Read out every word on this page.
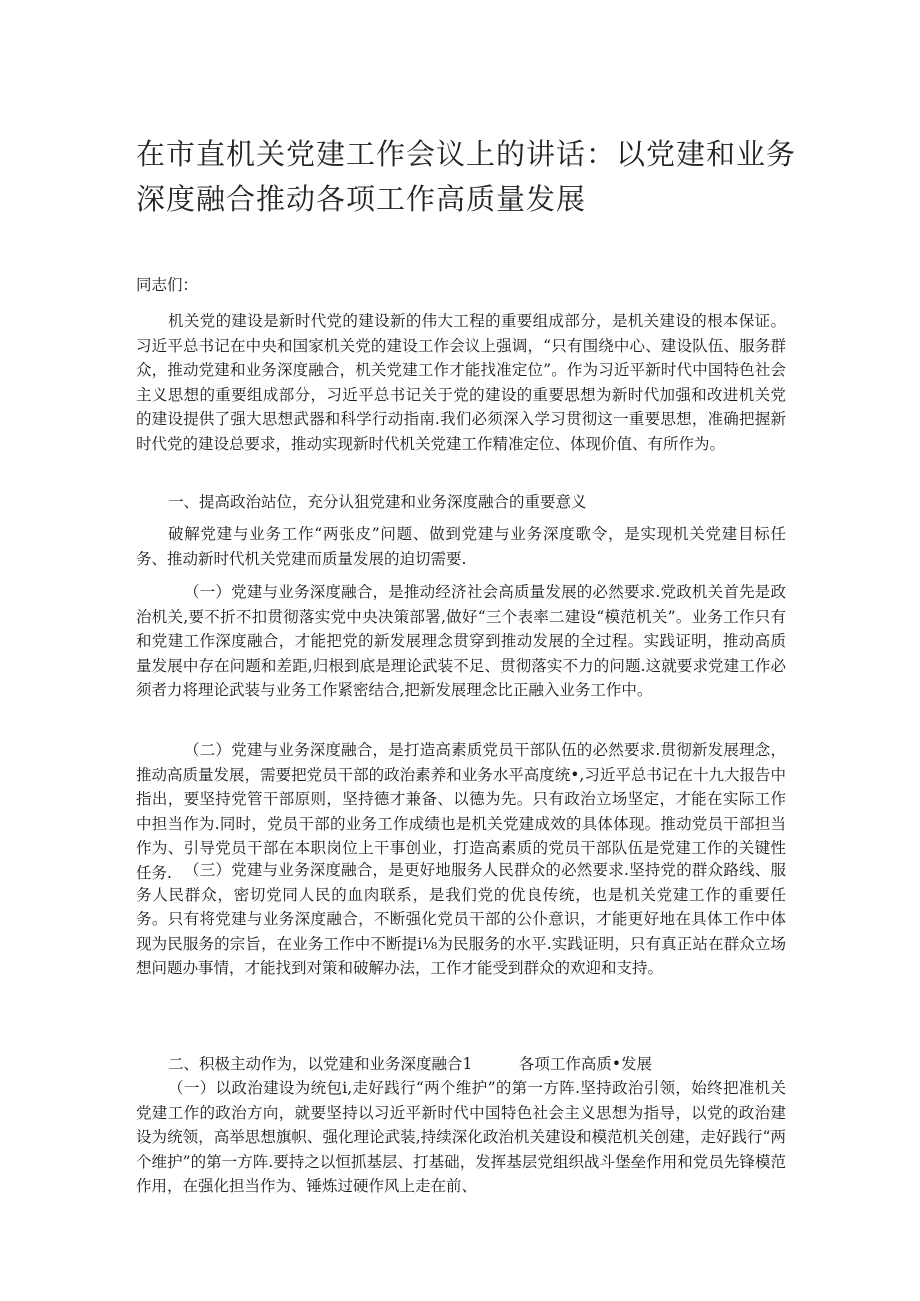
在市直机关党建工作会议上的讲话：以党建和业务深度融合推动各项工作高质量发展

同志们：

机关党的建设是新时代党的建设新的伟大工程的重要组成部分，是机关建设的根本保证。习近平总书记在中央和国家机关党的建设工作会议上强调，“只有围绕中心、建设队伍、服务群众，推动党建和业务深度融合，机关党建工作才能找准定位”。作为习近平新时代中国特色社会主义思想的重要组成部分，习近平总书记关于党的建设的重要思想为新时代加强和改进机关党的建设提供了强大思想武器和科学行动指南.我们必须深入学习贯彻这一重要思想，准确把握新时代党的建设总要求，推动实现新时代机关党建工作精准定位、体现价值、有所作为。

一、提高政治站位，充分认狙党建和业务深度融合的重要意义

破解党建与业务工作“两张皮”问题、做到党建与业务深度歌令，是实现机关党建目标任务、推动新时代机关党建而质量发展的迫切需要.

（一）党建与业务深度融合，是推动经济社会高质量发展的必然要求.党政机关首先是政治机关,要不折不扣贯彻落实党中央决策部署,做好“三个表率二建设“模范机关”。业务工作只有和党建工作深度融合，才能把党的新发展理念贯穿到推动发展的全过程。实践证明，推动高质量发展中存在问题和差距,归根到底是理论武装不足、贯彻落实不力的问题.这就要求党建工作必须者力将理论武装与业务工作紧密结合,把新发展理念比正融入业务工作中。

（二）党建与业务深度融合，是打造高素质党员干部队伍的必然要求.贯彻新发展理念，推动高质量发展，需要把党员干部的政治素养和业务水平高度统•,习近平总书记在十九大报告中指出，要坚持党管干部原则，坚持德才兼备、以德为先。只有政治立场坚定，才能在实际工作中担当作为.同时，党员干部的业务工作成绩也是机关党建成效的具体体现。推动党员干部担当作为、引导党员干部在本职岗位上干事创业，打造高素质的党员干部队伍是党建工作的关键性任务. （三）党建与业务深度融合，是更好地服务人民群众的必然要求.坚持党的群众路线、服务人民群众，密切党同人民的血肉联系，是我们党的优良传统，也是机关党建工作的重要任务。只有将党建与业务深度融合，不断强化党员干部的公仆意识，才能更好地在具体工作中体现为民服务的宗旨，在业务工作中不断提i⅛为民服务的水平.实践证明，只有真正站在群众立场想问题办事情，才能找到对策和破解办法，工作才能受到群众的欢迎和支持。

二、积极主动作为，以党建和业务深度融合1　　　各项工作高质•发展

（一）以政治建设为统包i,走好践行“两个维护”的第一方阵.坚持政治引领，始终把准机关党建工作的政治方向，就要坚持以习近平新时代中国特色社会主义思想为指导，以党的政治建设为统领，高举思想旗帜、强化理论武装,持续深化政治机关建设和模范机关创建，走好践行“两个维护”的第一方阵.要持之以恒抓基层、打基础，发挥基层党组织战斗堡垒作用和党员先锋模范作用，在强化担当作为、锤炼过硬作风上走在前、
